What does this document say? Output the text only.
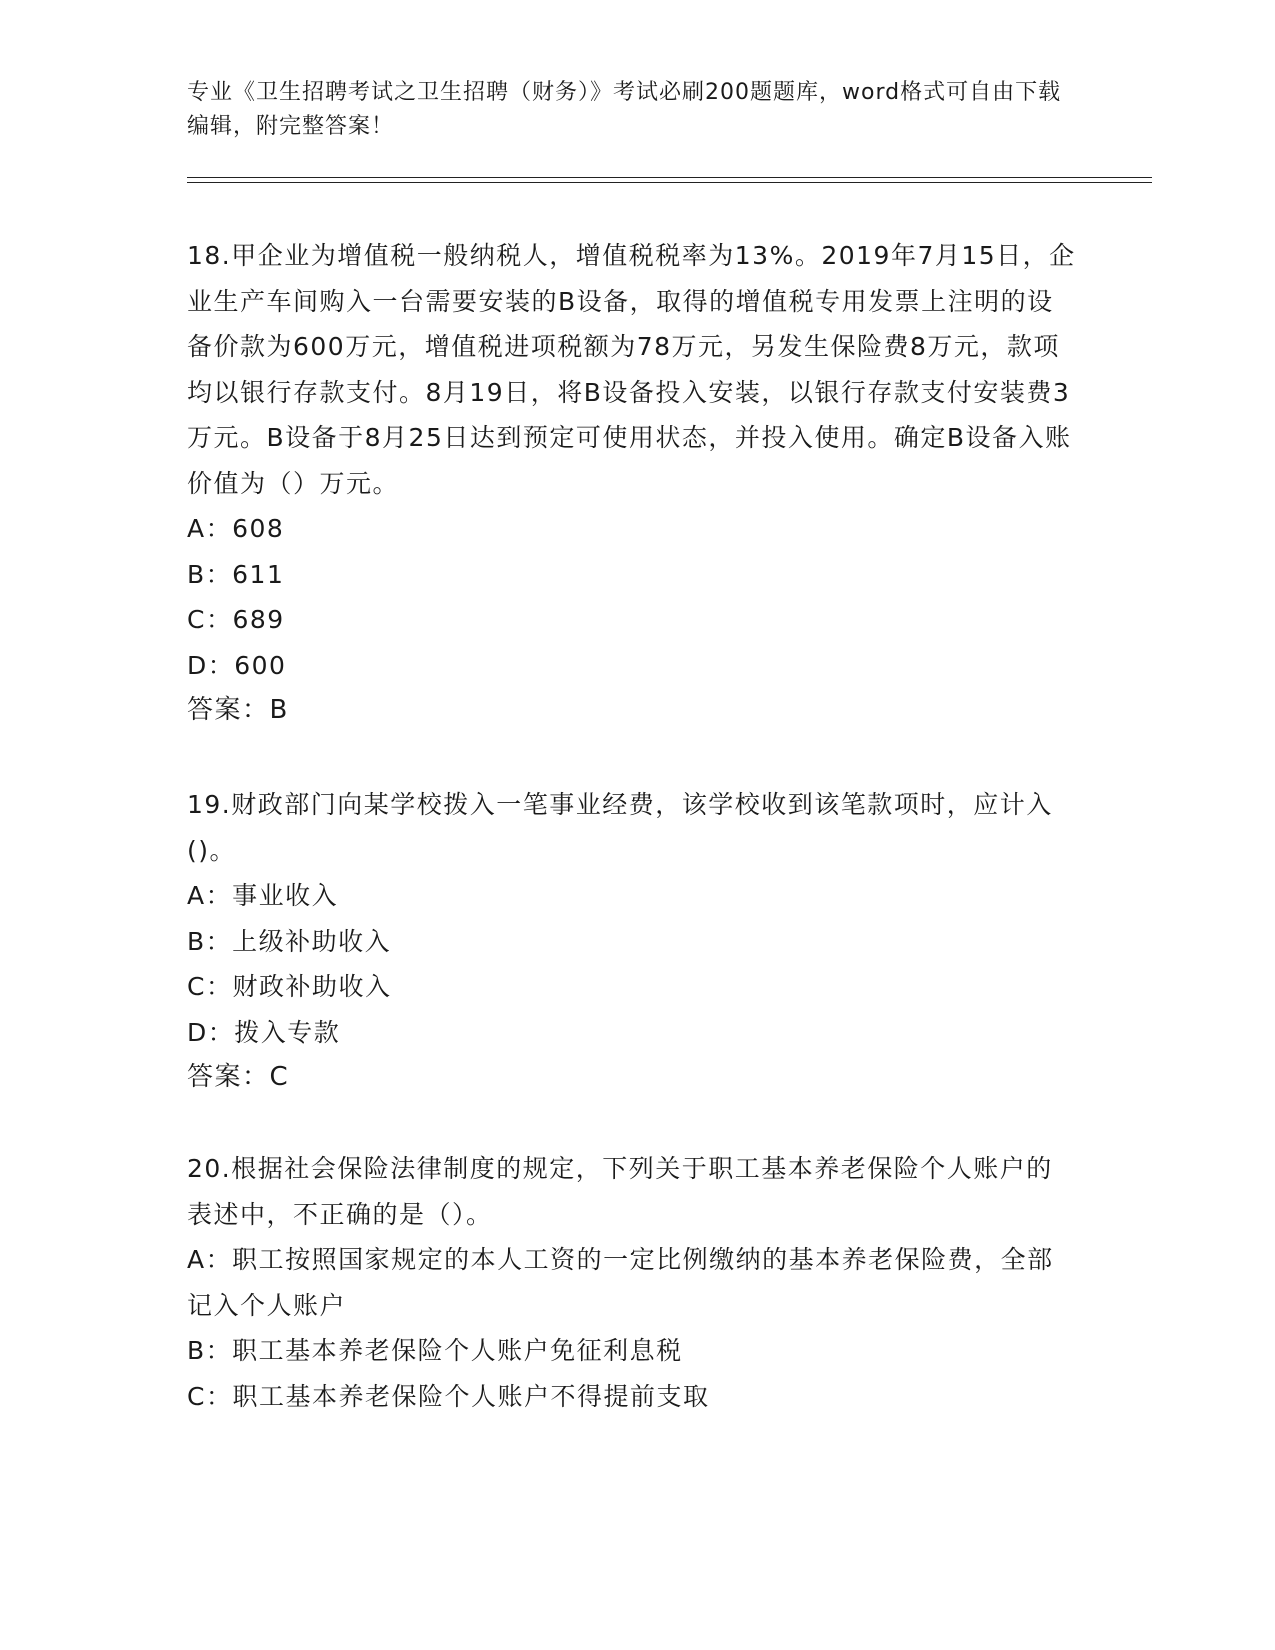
专业《卫生招聘考试之卫生招聘（财务）》考试必刷200题题库，word格式可自由下载编辑，附完整答案！

18.甲企业为增值税一般纳税人，增值税税率为13%。2019年7月15日，企业生产车间购入一台需要安装的B设备，取得的增值税专用发票上注明的设备价款为600万元，增值税进项税额为78万元，另发生保险费8万元，款项均以银行存款支付。8月19日，将B设备投入安装，以银行存款支付安装费3万元。B设备于8月25日达到预定可使用状态，并投入使用。确定B设备入账价值为（）万元。

A：608

B：611

C：689

D：600

答案：B

19.财政部门向某学校拨入一笔事业经费，该学校收到该笔款项时，应计入()。

A：事业收入

B：上级补助收入

C：财政补助收入

D：拨入专款

答案：C

20.根据社会保险法律制度的规定，下列关于职工基本养老保险个人账户的表述中，不正确的是（）。

A：职工按照国家规定的本人工资的一定比例缴纳的基本养老保险费，全部记入个人账户

B：职工基本养老保险个人账户免征利息税

C：职工基本养老保险个人账户不得提前支取
